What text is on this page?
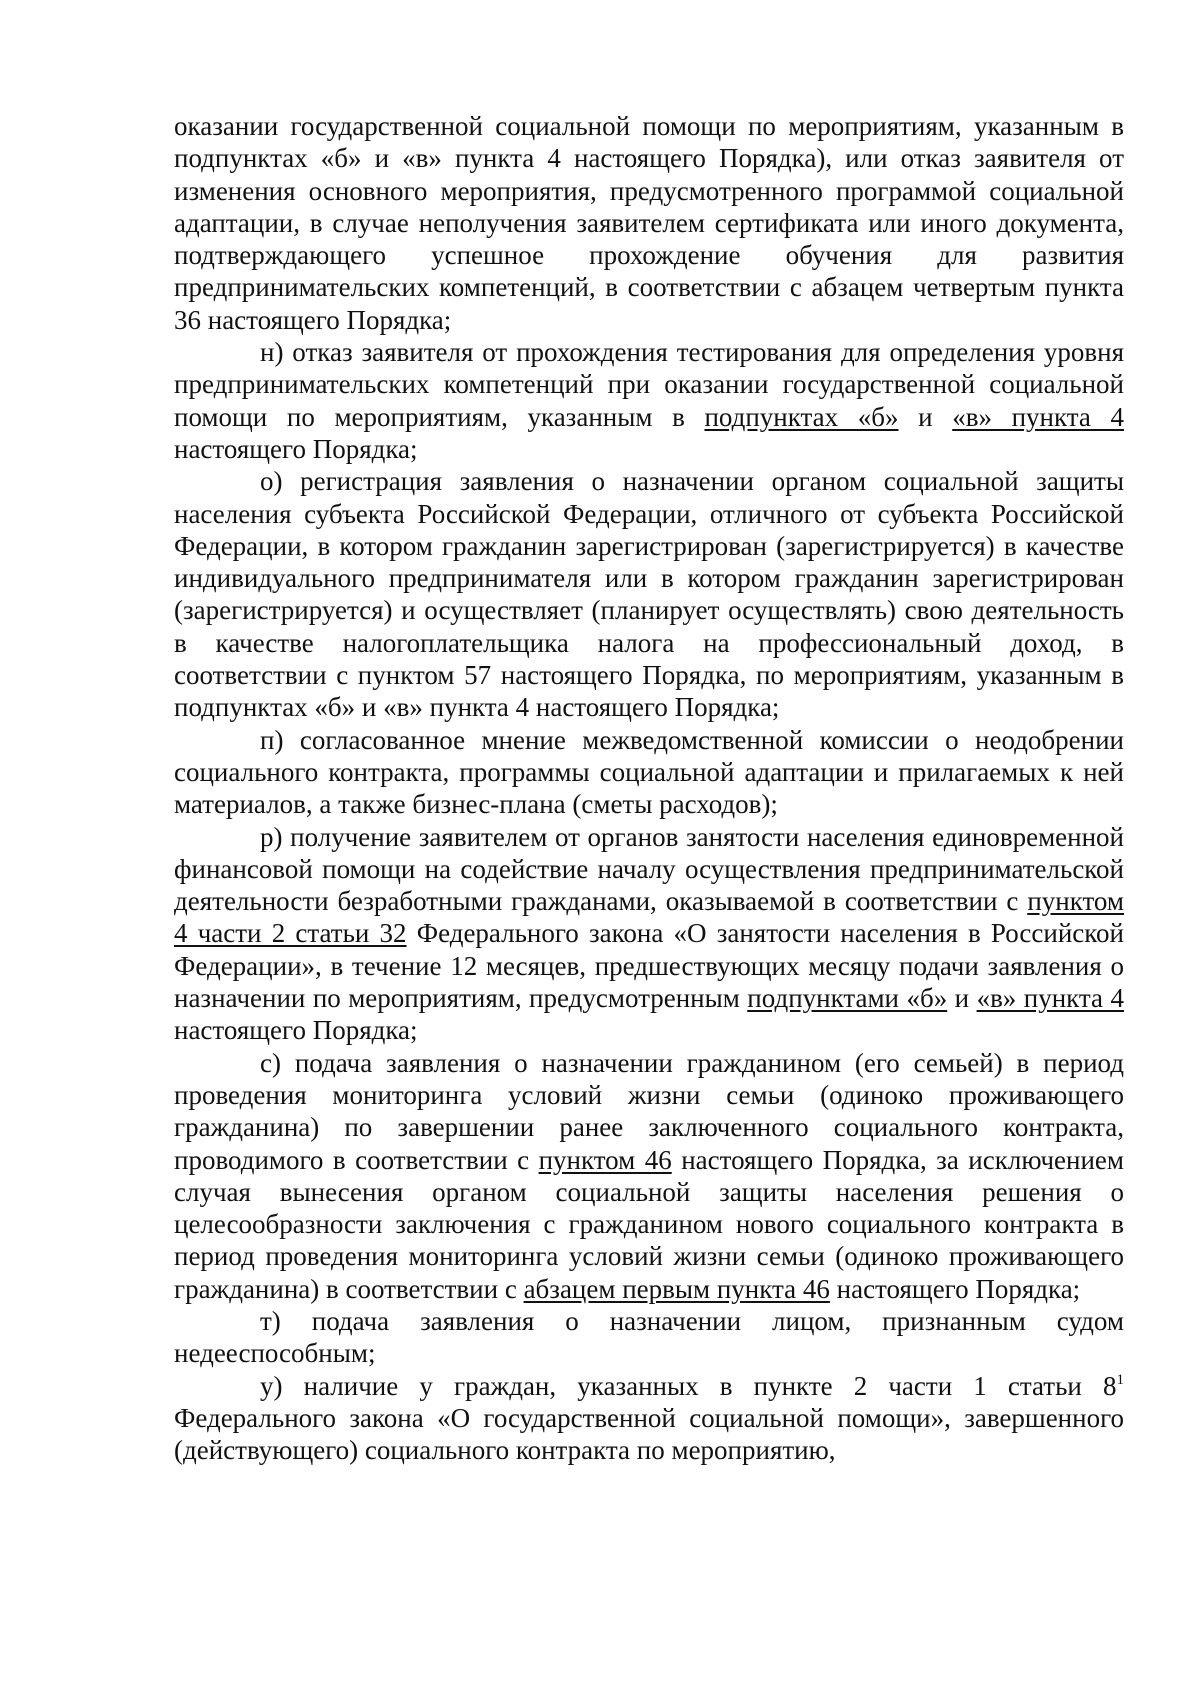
оказании государственной социальной помощи по мероприятиям, указанным в подпунктах «б» и «в» пункта 4 настоящего Порядка), или отказ заявителя от изменения основного мероприятия, предусмотренного программой социальной адаптации, в случае неполучения заявителем сертификата или иного документа, подтверждающего успешное прохождение обучения для развития предпринимательских компетенций, в соответствии с абзацем четвертым пункта 36 настоящего Порядка;

н) отказ заявителя от прохождения тестирования для определения уровня предпринимательских компетенций при оказании государственной социальной помощи по мероприятиям, указанным в подпунктах «б» и «в» пункта 4 настоящего Порядка;

о) регистрация заявления о назначении органом социальной защиты населения субъекта Российской Федерации, отличного от субъекта Российской Федерации, в котором гражданин зарегистрирован (зарегистрируется) в качестве индивидуального предпринимателя или в котором гражданин зарегистрирован (зарегистрируется) и осуществляет (планирует осуществлять) свою деятельность в качестве налогоплательщика налога на профессиональный доход, в соответствии с пунктом 57 настоящего Порядка, по мероприятиям, указанным в подпунктах «б» и «в» пункта 4 настоящего Порядка;

п) согласованное мнение межведомственной комиссии о неодобрении социального контракта, программы социальной адаптации и прилагаемых к ней материалов, а также бизнес-плана (сметы расходов);

р) получение заявителем от органов занятости населения единовременной финансовой помощи на содействие началу осуществления предпринимательской деятельности безработными гражданами, оказываемой в соответствии с пунктом 4 части 2 статьи 32 Федерального закона «О занятости населения в Российской Федерации», в течение 12 месяцев, предшествующих месяцу подачи заявления о назначении по мероприятиям, предусмотренным подпунктами «б» и «в» пункта 4 настоящего Порядка;

с) подача заявления о назначении гражданином (его семьей) в период проведения мониторинга условий жизни семьи (одиноко проживающего гражданина) по завершении ранее заключенного социального контракта, проводимого в соответствии с пунктом 46 настоящего Порядка, за исключением случая вынесения органом социальной защиты населения решения о целесообразности заключения с гражданином нового социального контракта в период проведения мониторинга условий жизни семьи (одиноко проживающего гражданина) в соответствии с абзацем первым пункта 46 настоящего Порядка;

т) подача заявления о назначении лицом, признанным судом недееспособным;

у) наличие у граждан, указанных в пункте 2 части 1 статьи $8^1$ Федерального закона «О государственной социальной помощи», завершенного (действующего) социального контракта по мероприятию,
